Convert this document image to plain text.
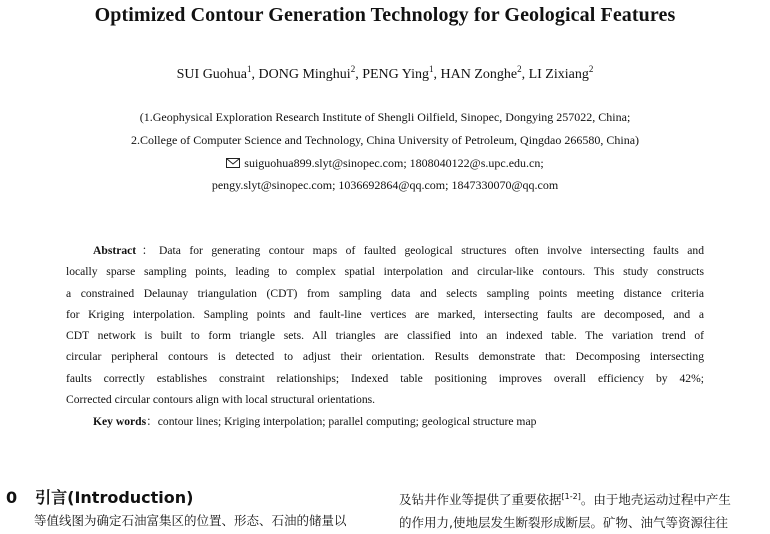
Optimized Contour Generation Technology for Geological Features
SUI Guohua$^1$, DONG Minghui$^2$, PENG Ying$^1$, HAN Zonghe$^2$, LI Zixiang$^2$
(1.Geophysical Exploration Research Institute of Shengli Oilfield, Sinopec, Dongying 257022, China;
2.College of Computer Science and Technology, China University of Petroleum, Qingdao 266580, China)
suiguohua899.slyt@sinopec.com; 1808040122@s.upc.edu.cn;
pengy.slyt@sinopec.com; 1036692864@qq.com; 1847330070@qq.com
Abstract：Data for generating contour maps of faulted geological structures often involve intersecting faults and
locally sparse sampling points, leading to complex spatial interpolation and circular-like contours. This study constructs
a constrained Delaunay triangulation (CDT) from sampling data and selects sampling points meeting distance criteria
for Kriging interpolation. Sampling points and fault-line vertices are marked, intersecting faults are decomposed, and a
CDT network is built to form triangle sets. All triangles are classified into an indexed table. The variation trend of
circular peripheral contours is detected to adjust their orientation. Results demonstrate that: Decomposing intersecting
faults correctly establishes constraint relationships; Indexed table positioning improves overall efficiency by 42%;
Corrected circular contours align with local structural orientations.
Key words：contour lines; Kriging interpolation; parallel computing; geological structure map
0 引言(Introduction)
等值线图为确定石油富集区的位置、形态、石油的储量以
及钻井作业等提供了重要依据[1-2]。由于地壳运动过程中产生
的作用力,使地层发生断裂形成断层。矿物、油气等资源往往
